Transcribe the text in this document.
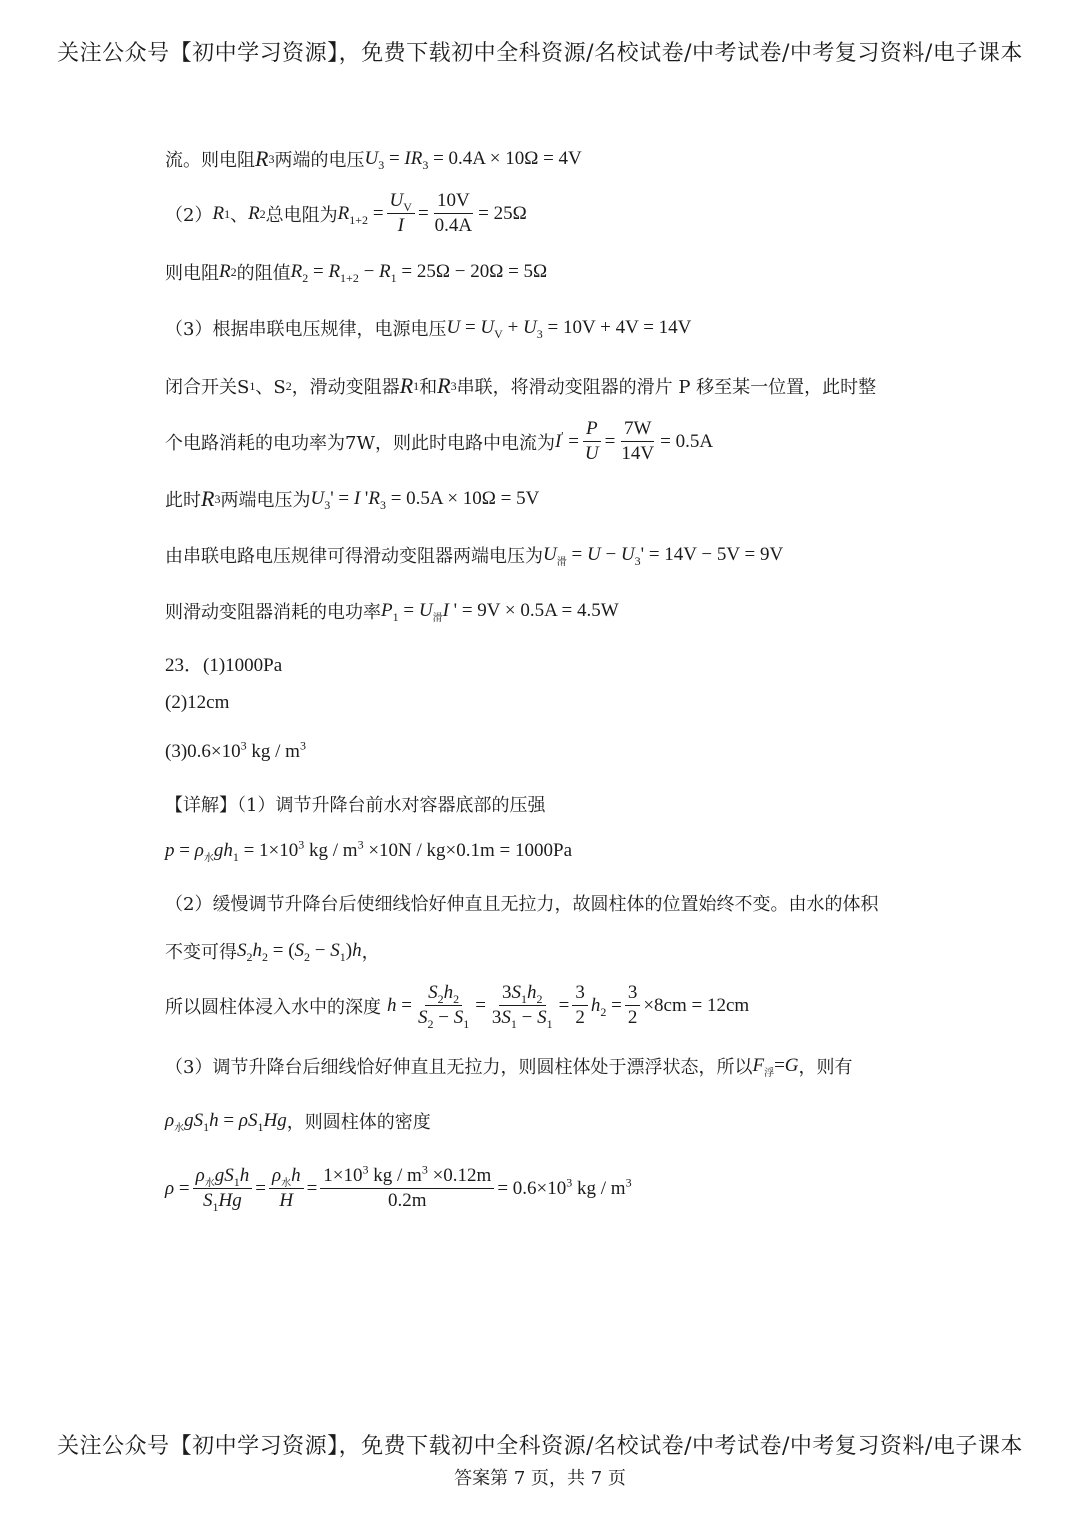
关注公众号【初中学习资源】，免费下载初中全科资源/名校试卷/中考试卷/中考复习资料/电子课本
流。则电阻 R 3 两端的电压 $U_3 = IR_3 = 0.4A \times 10\Omega = 4V$
（2） R 1 、 R 2 总电阻为 $R_{1+2} = \frac{U_V}{I} = \frac{10V}{0.4A} = 25\Omega$
则电阻 R 2 的阻值 $R_2 = R_{1+2} - R_1 = 25\Omega - 20\Omega = 5\Omega$
（3）根据串联电压规律，电源电压 $U = U_V + U_3 = 10V + 4V = 14V$
闭合开关S 1 、S 2 ，滑动变阻器 R 1 和 R 3 串联，将滑动变阻器的滑片 P 移至某一位置，此时整
个电路消耗的电功率为7W，则此时电路中电流为 $I' = \frac{P}{U} = \frac{7W}{14V} = 0.5A$
此时 R 3 两端电压为 $U_3' = I$ '$R_3 = 0.5A \times 10\Omega = 5V$
由串联电路电压规律可得滑动变阻器两端电压为 $U_滑 = U - U_3' = 14V - 5V = 9V$
则滑动变阻器消耗的电功率 $P_1 = U_滑I$ ' = 9V × 0.5A = 4.5W
23．(1)1000Pa
(2)12cm
(3) $0.6\times 10^3$ kg / $m^3$
【详解】（1）调节升降台前水对容器底部的压强
$p = \rho_水gh_1 = 1\times 10^3$ kg / $m^3 \times 10N / kg\times 0.1m = 1000Pa$
（2）缓慢调节升降台后使细线恰好伸直且无拉力，故圆柱体的位置始终不变。由水的体积
不变可得 $S_2h_2 = (S_2 - S_1)h$ ，
所以圆柱体浸入水中的深度 $h = \frac{S_2h_2}{S_2 - S_1} = \frac{3S_1h_2}{3S_1 - S_1} = \frac{3}{2} h_2 = \frac{3}{2} \times 8cm = 12cm$
（3）调节升降台后细线恰好伸直且无拉力，则圆柱体处于漂浮状态，所以 $F_浮=G$ ，则有
$\rho_水gS_1h = \rho S_1Hg$ ，则圆柱体的密度
$\rho = \frac{\rho_水gS_1h}{S_1Hg} = \frac{\rho_水h}{H} = \frac{1\times 10^3 kg / m^3 \times 0.12m}{0.2m} = 0.6\times 10^3$ kg / $m^3$
关注公众号【初中学习资源】，免费下载初中全科资源/名校试卷/中考试卷/中考复习资料/电子课本
答案第 7 页，共 7 页
